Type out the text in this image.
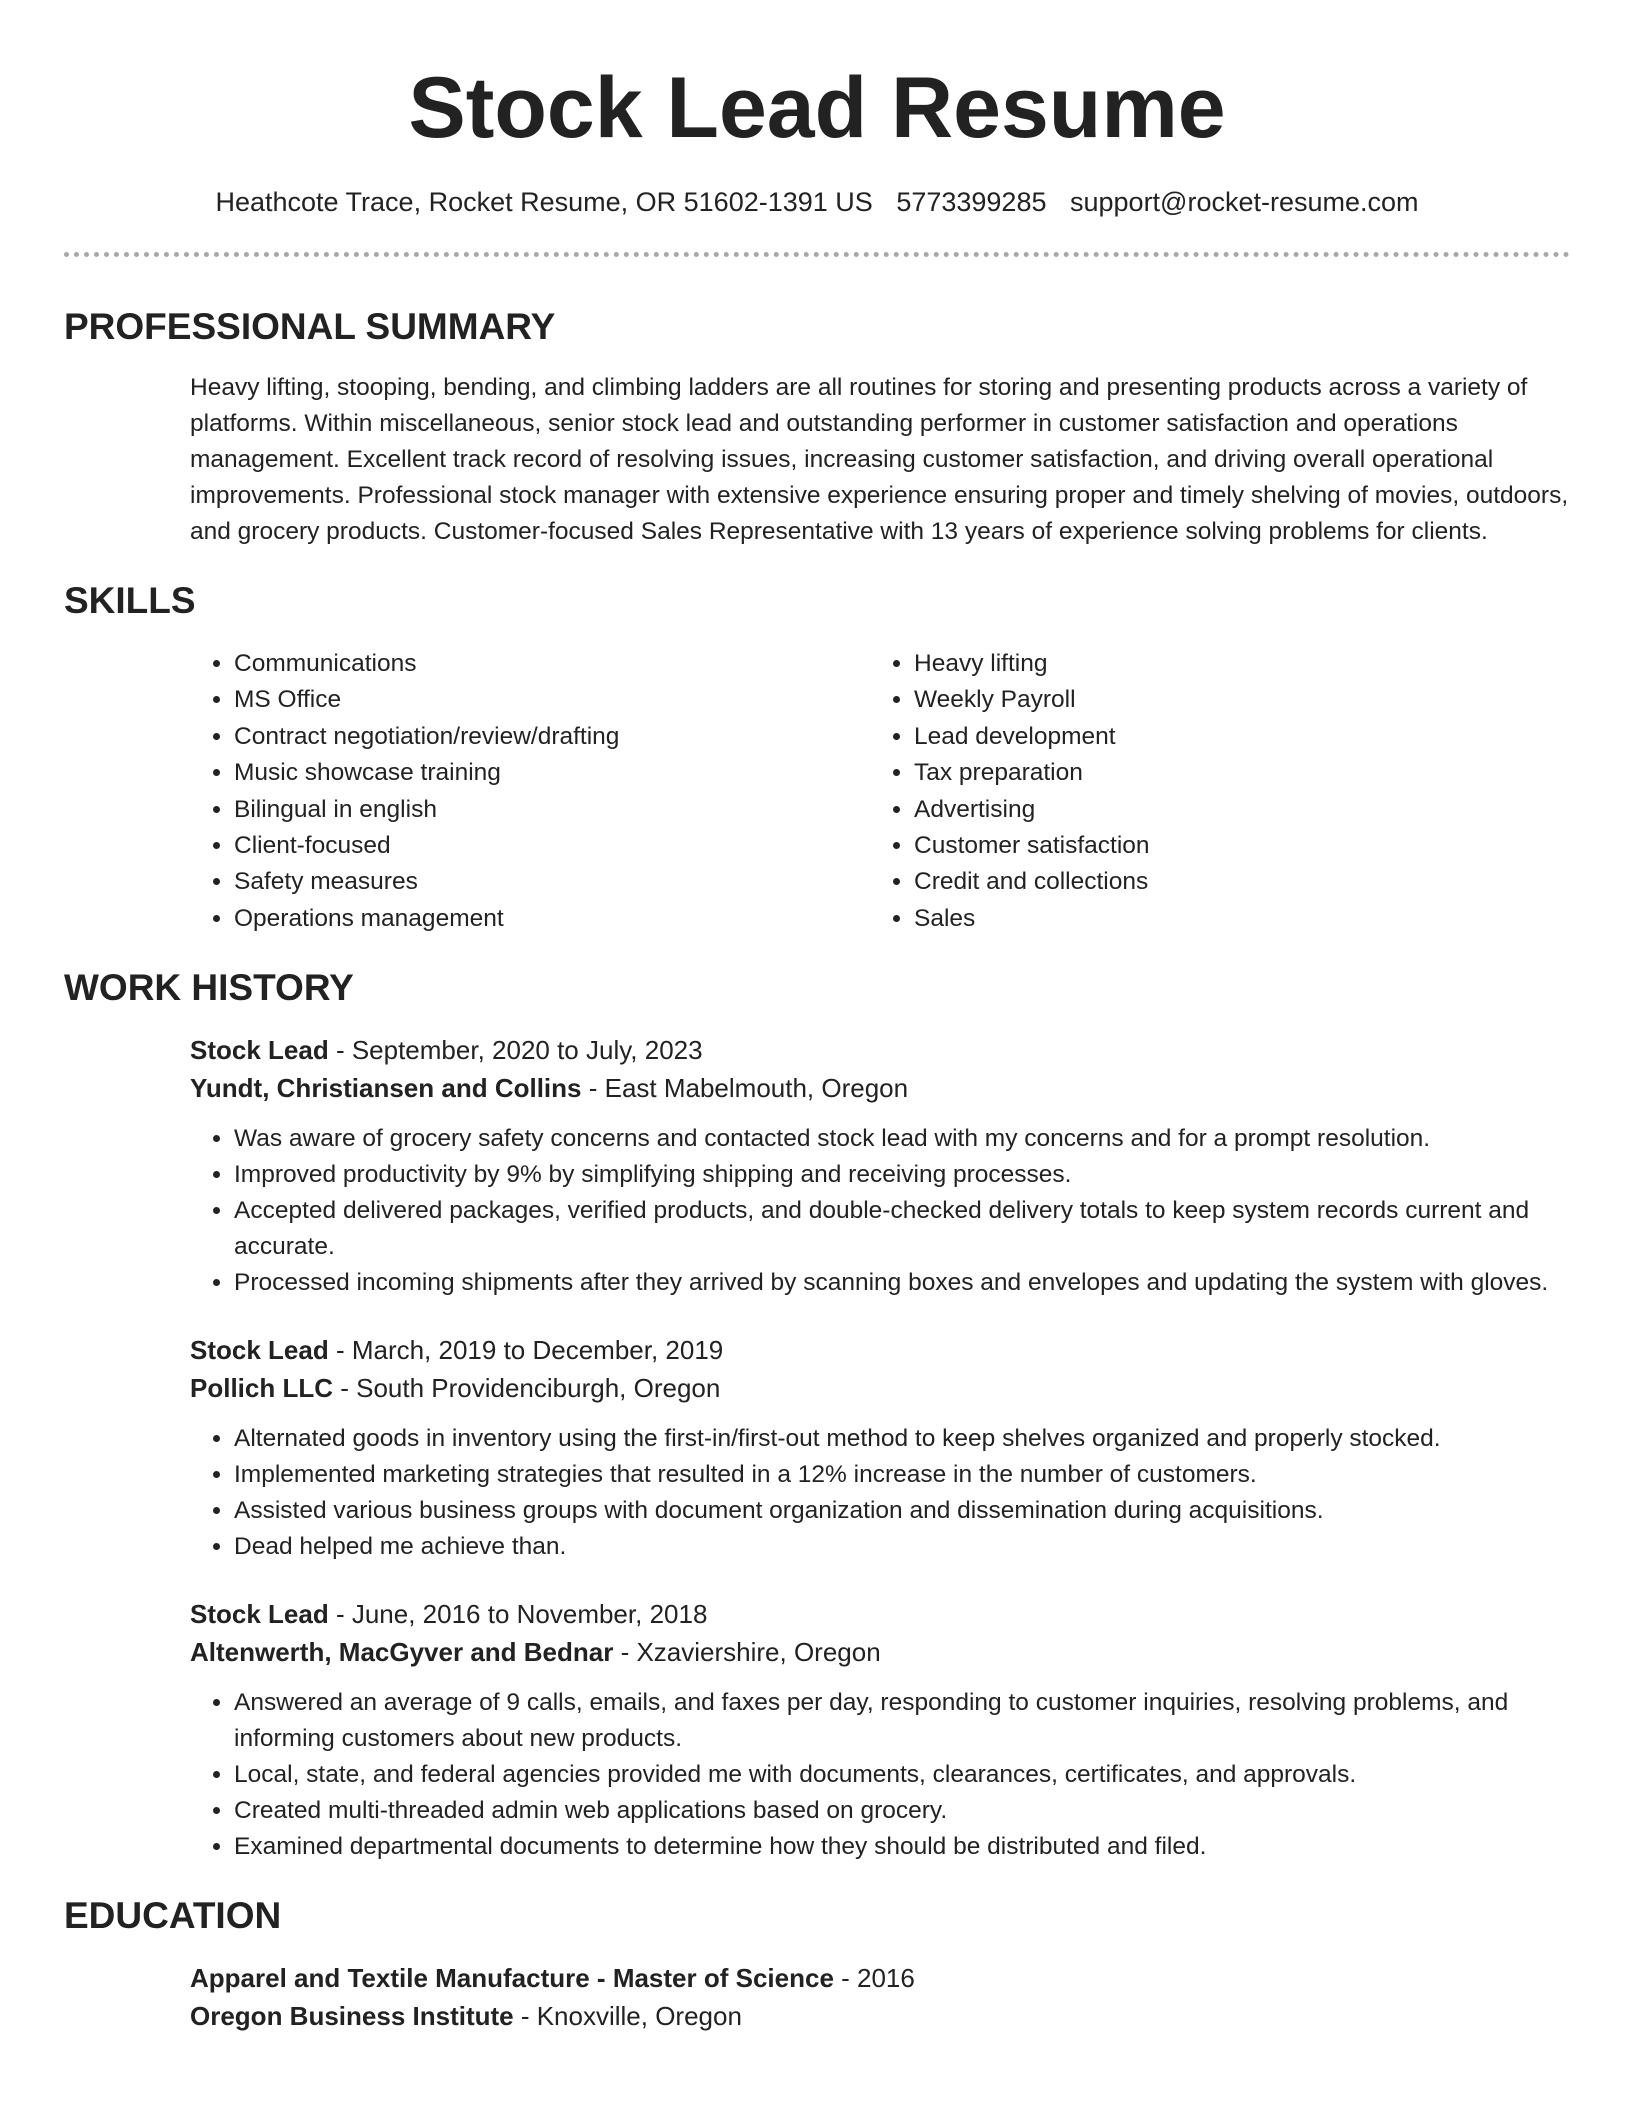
Stock Lead Resume
Heathcote Trace, Rocket Resume, OR 51602-1391 US 5773399285 support@rocket-resume.com
PROFESSIONAL SUMMARY

Heavy lifting, stooping, bending, and climbing ladders are all routines for storing and presenting products across a variety of platforms. Within miscellaneous, senior stock lead and outstanding performer in customer satisfaction and operations management. Excellent track record of resolving issues, increasing customer satisfaction, and driving overall operational improvements. Professional stock manager with extensive experience ensuring proper and timely shelving of movies, outdoors, and grocery products. Customer-focused Sales Representative with 13 years of experience solving problems for clients.

SKILLS
• Communications
• MS Office
• Contract negotiation/review/drafting
• Music showcase training
• Bilingual in english
• Client-focused
• Safety measures
• Operations management
• Heavy lifting
• Weekly Payroll
• Lead development
• Tax preparation
• Advertising
• Customer satisfaction
• Credit and collections
• Sales
WORK HISTORY
Stock Lead - September, 2020 to July, 2023
Yundt, Christiansen and Collins - East Mabelmouth, Oregon
• Was aware of grocery safety concerns and contacted stock lead with my concerns and for a prompt resolution.
• Improved productivity by 9% by simplifying shipping and receiving processes.
• Accepted delivered packages, verified products, and double-checked delivery totals to keep system records current and accurate.
• Processed incoming shipments after they arrived by scanning boxes and envelopes and updating the system with gloves.
Stock Lead - March, 2019 to December, 2019
Pollich LLC - South Providenciburgh, Oregon
• Alternated goods in inventory using the first-in/first-out method to keep shelves organized and properly stocked.
• Implemented marketing strategies that resulted in a 12% increase in the number of customers.
• Assisted various business groups with document organization and dissemination during acquisitions.
• Dead helped me achieve than.
Stock Lead - June, 2016 to November, 2018
Altenwerth, MacGyver and Bednar - Xzaviershire, Oregon
• Answered an average of 9 calls, emails, and faxes per day, responding to customer inquiries, resolving problems, and informing customers about new products.
• Local, state, and federal agencies provided me with documents, clearances, certificates, and approvals.
• Created multi-threaded admin web applications based on grocery.
• Examined departmental documents to determine how they should be distributed and filed.
EDUCATION
Apparel and Textile Manufacture - Master of Science - 2016
Oregon Business Institute - Knoxville, Oregon
